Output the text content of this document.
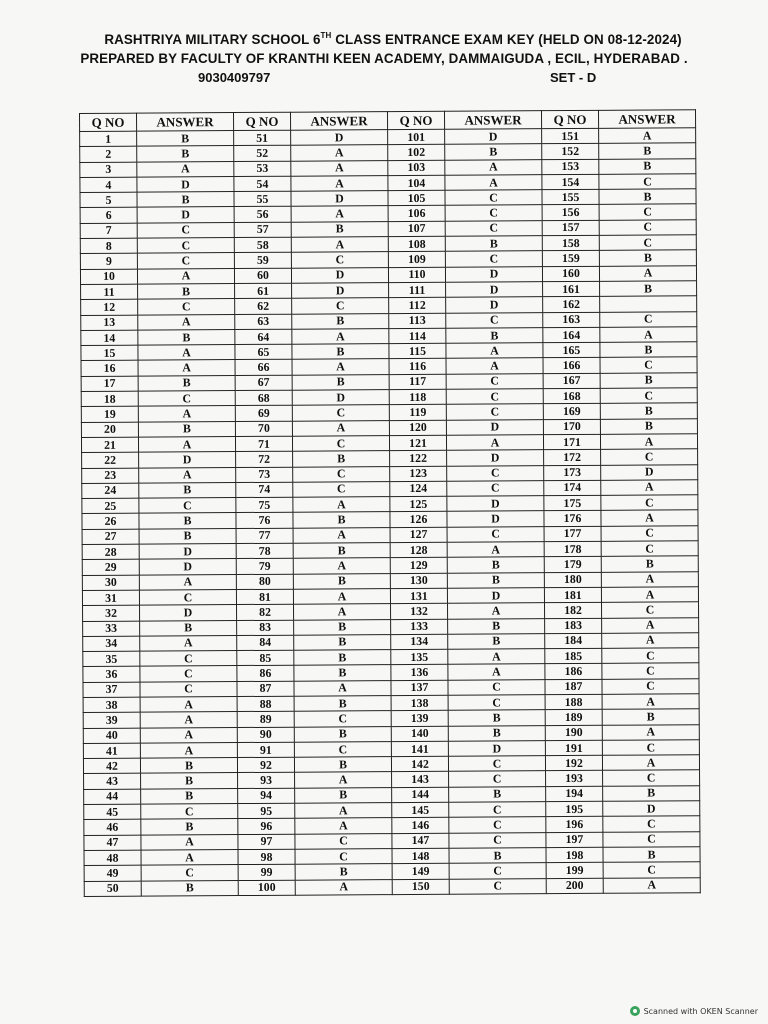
RASHTRIYA MILITARY SCHOOL 6TH CLASS ENTRANCE EXAM KEY (HELD ON 08-12-2024)
PREPARED BY FACULTY OF KRANTHI KEEN ACADEMY, DAMMAIGUDA , ECIL, HYDERABAD .
9030409797	SET - D
Q NO	ANSWER	Q NO	ANSWER	Q NO	ANSWER	Q NO	ANSWER
1	B	51	D	101	D	151	A
2	B	52	A	102	B	152	B
3	A	53	A	103	A	153	B
4	D	54	A	104	A	154	C
5	B	55	D	105	C	155	B
6	D	56	A	106	C	156	C
7	C	57	B	107	C	157	C
8	C	58	A	108	B	158	C
9	C	59	C	109	C	159	B
10	A	60	D	110	D	160	A
11	B	61	D	111	D	161	B
12	C	62	C	112	D	162	
13	A	63	B	113	C	163	C
14	B	64	A	114	B	164	A
15	A	65	B	115	A	165	B
16	A	66	A	116	A	166	C
17	B	67	B	117	C	167	B
18	C	68	D	118	C	168	C
19	A	69	C	119	C	169	B
20	B	70	A	120	D	170	B
21	A	71	C	121	A	171	A
22	D	72	B	122	D	172	C
23	A	73	C	123	C	173	D
24	B	74	C	124	C	174	A
25	C	75	A	125	D	175	C
26	B	76	B	126	D	176	A
27	B	77	A	127	C	177	C
28	D	78	B	128	A	178	C
29	D	79	A	129	B	179	B
30	A	80	B	130	B	180	A
31	C	81	A	131	D	181	A
32	D	82	A	132	A	182	C
33	B	83	B	133	B	183	A
34	A	84	B	134	B	184	A
35	C	85	B	135	A	185	C
36	C	86	B	136	A	186	C
37	C	87	A	137	C	187	C
38	A	88	B	138	C	188	A
39	A	89	C	139	B	189	B
40	A	90	B	140	B	190	A
41	A	91	C	141	D	191	C
42	B	92	B	142	C	192	A
43	B	93	A	143	C	193	C
44	B	94	B	144	B	194	B
45	C	95	A	145	C	195	D
46	B	96	A	146	C	196	C
47	A	97	C	147	C	197	C
48	A	98	C	148	B	198	B
49	C	99	B	149	C	199	C
50	B	100	A	150	C	200	A
Scanned with OKEN Scanner
